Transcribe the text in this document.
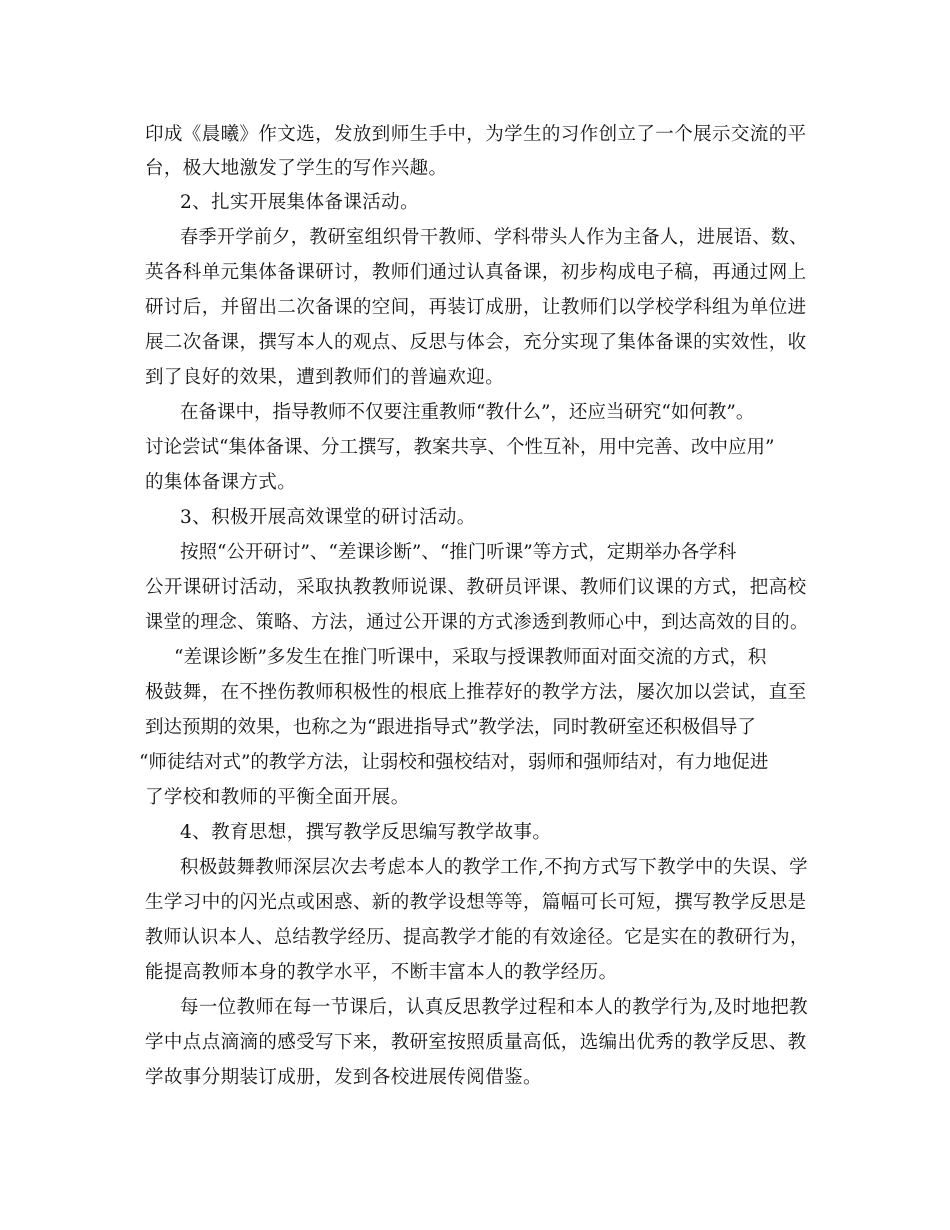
印成《晨曦》作文选，发放到师生手中，为学生的习作创立了一个展示交流的平
台，极大地激发了学生的写作兴趣。
2、扎实开展集体备课活动。
春季开学前夕，教研室组织骨干教师、学科带头人作为主备人，进展语、数、
英各科单元集体备课研讨，教师们通过认真备课，初步构成电子稿，再通过网上
研讨后，并留出二次备课的空间，再装订成册，让教师们以学校学科组为单位进
展二次备课，撰写本人的观点、反思与体会，充分实现了集体备课的实效性，收
到了良好的效果，遭到教师们的普遍欢迎。
在备课中，指导教师不仅要注重教师“教什么”，还应当研究“如何教”。
讨论尝试“集体备课、分工撰写，教案共享、个性互补，用中完善、改中应用”
的集体备课方式。
3、积极开展高效课堂的研讨活动。
按照“公开研讨”、“差课诊断”、“推门听课”等方式，定期举办各学科
公开课研讨活动，采取执教教师说课、教研员评课、教师们议课的方式，把高校
课堂的理念、策略、方法，通过公开课的方式渗透到教师心中，到达高效的目的。
“差课诊断”多发生在推门听课中，采取与授课教师面对面交流的方式，积
极鼓舞，在不挫伤教师积极性的根底上推荐好的教学方法，屡次加以尝试，直至
到达预期的效果，也称之为“跟进指导式”教学法，同时教研室还积极倡导了
“师徒结对式”的教学方法，让弱校和强校结对，弱师和强师结对，有力地促进
了学校和教师的平衡全面开展。
4、教育思想，撰写教学反思编写教学故事。
积极鼓舞教师深层次去考虑本人的教学工作,不拘方式写下教学中的失误、学
生学习中的闪光点或困惑、新的教学设想等等，篇幅可长可短，撰写教学反思是
教师认识本人、总结教学经历、提高教学才能的有效途径。它是实在的教研行为，
能提高教师本身的教学水平，不断丰富本人的教学经历。
每一位教师在每一节课后，认真反思教学过程和本人的教学行为,及时地把教
学中点点滴滴的感受写下来，教研室按照质量高低，选编出优秀的教学反思、教
学故事分期装订成册，发到各校进展传阅借鉴。
